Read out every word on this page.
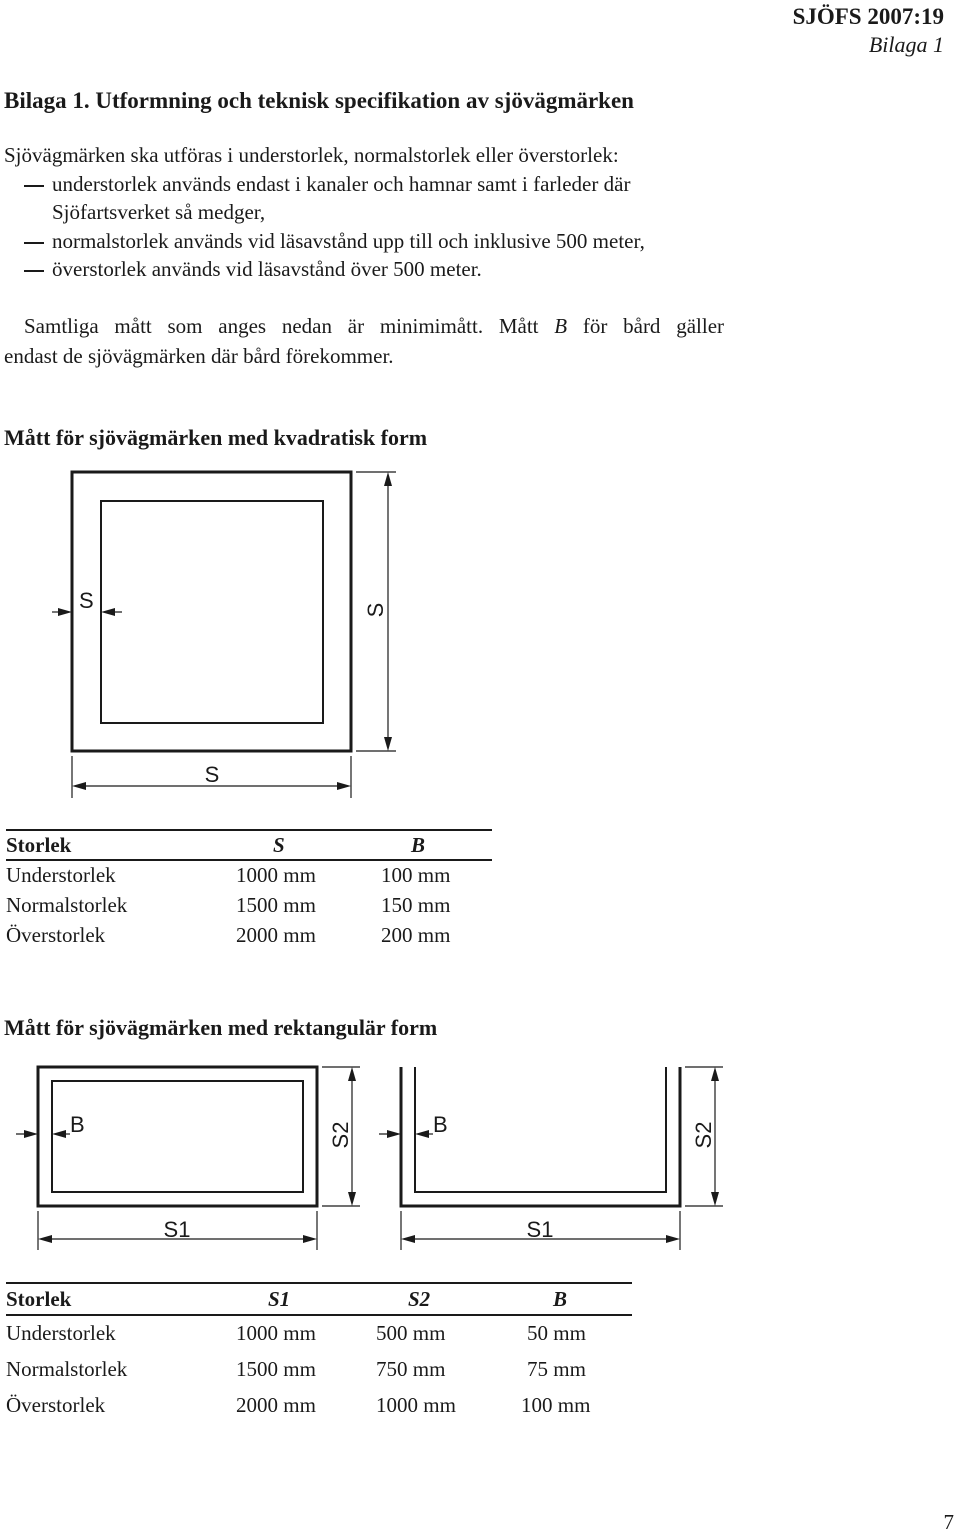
SJÖFS 2007:19
Bilaga 1
Bilaga 1. Utformning och teknisk specifikation av sjövägmärken
Sjövägmärken ska utföras i understorlek, normalstorlek eller överstorlek:
understorlek används endast i kanaler och hamnar samt i farleder där
Sjöfartsverket så medger,
normalstorlek används vid läsavstånd upp till och inklusive 500 meter,
överstorlek används vid läsavstånd över 500 meter.
Samtliga mått som anges nedan är minimimått. Mått B för bård gäller
endast de sjövägmärken där bård förekommer.
Mått för sjövägmärken med kvadratisk form
S	S
S
Storlek	S	B
Understorlek	1000 mm	100 mm
Normalstorlek	1500 mm	150 mm
Överstorlek	2000 mm	200 mm
Mått för sjövägmärken med rektangulär form
B	S2
S1
B	S2
S1
Storlek	S1	S2	B
Understorlek	1000 mm	500 mm	50 mm
Normalstorlek	1500 mm	750 mm	75 mm
Överstorlek	2000 mm	1000 mm	100 mm
7
